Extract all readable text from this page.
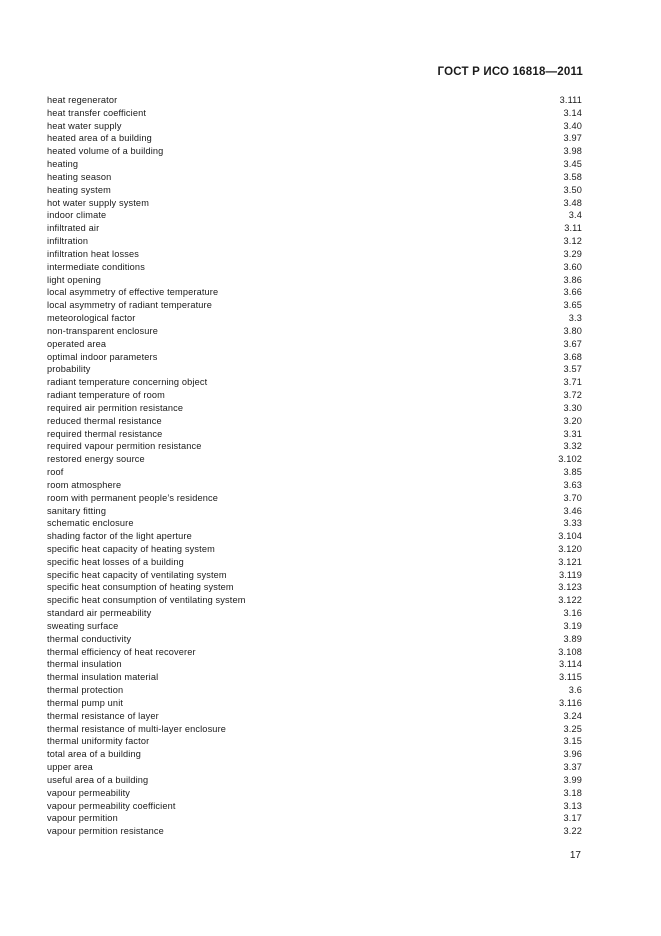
ГОСТ Р ИСО 16818—2011
heat regenerator	3.111
heat transfer coefficient	3.14
heat water supply	3.40
heated area of a building	3.97
heated volume of a building	3.98
heating	3.45
heating season	3.58
heating system	3.50
hot water supply system	3.48
indoor climate	3.4
infiltrated air	3.11
infiltration	3.12
infiltration heat losses	3.29
intermediate conditions	3.60
light opening	3.86
local asymmetry of effective temperature	3.66
local asymmetry of radiant temperature	3.65
meteorological factor	3.3
non-transparent enclosure	3.80
operated area	3.67
optimal indoor parameters	3.68
probability	3.57
radiant temperature concerning object	3.71
radiant temperature of room	3.72
required air permition resistance	3.30
reduced thermal resistance	3.20
required thermal resistance	3.31
required vapour permition resistance	3.32
restored energy source	3.102
roof	3.85
room atmosphere	3.63
room with permanent people’s residence	3.70
sanitary fitting	3.46
schematic enclosure	3.33
shading factor of the light aperture	3.104
specific heat capacity of heating system	3.120
specific heat losses of a building	3.121
specific heat capacity of ventilating system	3.119
specific heat consumption of heating system	3.123
specific heat consumption of ventilating system	3.122
standard air permeability	3.16
sweating surface	3.19
thermal conductivity	3.89
thermal efficiency of heat recoverer	3.108
thermal insulation	3.114
thermal insulation material	3.115
thermal protection	3.6
thermal pump unit	3.116
thermal resistance of layer	3.24
thermal resistance of multi-layer enclosure	3.25
thermal uniformity factor	3.15
total area of a building	3.96
upper area	3.37
useful area of a building	3.99
vapour permeability	3.18
vapour permeability coefficient	3.13
vapour permition	3.17
vapour permition resistance	3.22
17
